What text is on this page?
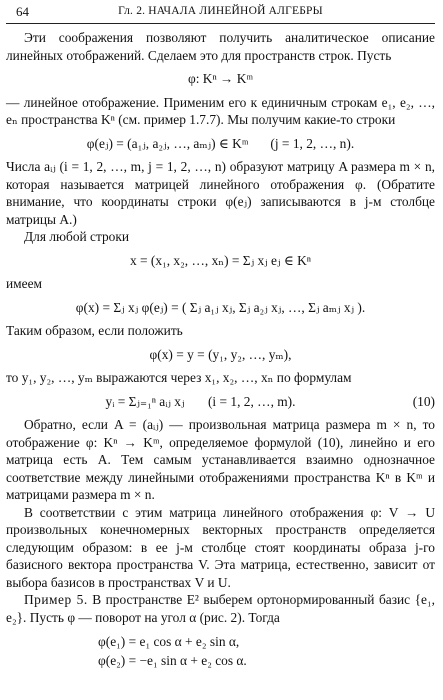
64	Гл. 2. НАЧАЛА ЛИНЕЙНОЙ АЛГЕБРЫ

Эти соображения позволяют получить аналитическое описание линейных отображений. Сделаем это для пространств строк. Пусть

φ: Kⁿ → Kᵐ

— линейное отображение. Применим его к единичным строкам e₁, e₂, …, eₙ пространства Kⁿ (см. пример 1.7.7). Мы получим какие-то строки

φ(eⱼ) = (a₁ⱼ, a₂ⱼ, …, aₘⱼ) ∈ Kᵐ (j = 1, 2, …, n).

Числа aᵢⱼ (i = 1, 2, …, m, j = 1, 2, …, n) образуют матрицу A размера m × n, которая называется матрицей линейного отображения φ. (Обратите внимание, что координаты строки φ(eⱼ) записываются в j-м столбце матрицы A.)

Для любой строки

x = (x₁, x₂, …, xₙ) = Σⱼ xⱼ eⱼ ∈ Kⁿ

имеем

φ(x) = Σⱼ xⱼ φ(eⱼ) = ( Σⱼ a₁ⱼ xⱼ, Σⱼ a₂ⱼ xⱼ, …, Σⱼ aₘⱼ xⱼ ).

Таким образом, если положить

φ(x) = y = (y₁, y₂, …, yₘ),

то y₁, y₂, …, yₘ выражаются через x₁, x₂, …, xₙ по формулам

yᵢ = Σⱼ₌₁ⁿ aᵢⱼ xⱼ (i = 1, 2, …, m).	(10)

Обратно, если A = (aᵢⱼ) — произвольная матрица размера m × n, то отображение φ: Kⁿ → Kᵐ, определяемое формулой (10), линейно и его матрица есть A. Тем самым устанавливается взаимно однозначное соответствие между линейными отображениями пространства Kⁿ в Kᵐ и матрицами размера m × n.

В соответствии с этим матрица линейного отображения φ: V → U произвольных конечномерных векторных пространств определяется следующим образом: в ее j-м столбце стоят координаты образа j-го базисного вектора пространства V. Эта матрица, естественно, зависит от выбора базисов в пространствах V и U.

Пример 5. В пространстве E² выберем ортонормированный базис {e₁, e₂}. Пусть φ — поворот на угол α (рис. 2). Тогда

φ(e₁) = e₁ cos α + e₂ sin α,
φ(e₂) = −e₁ sin α + e₂ cos α.
